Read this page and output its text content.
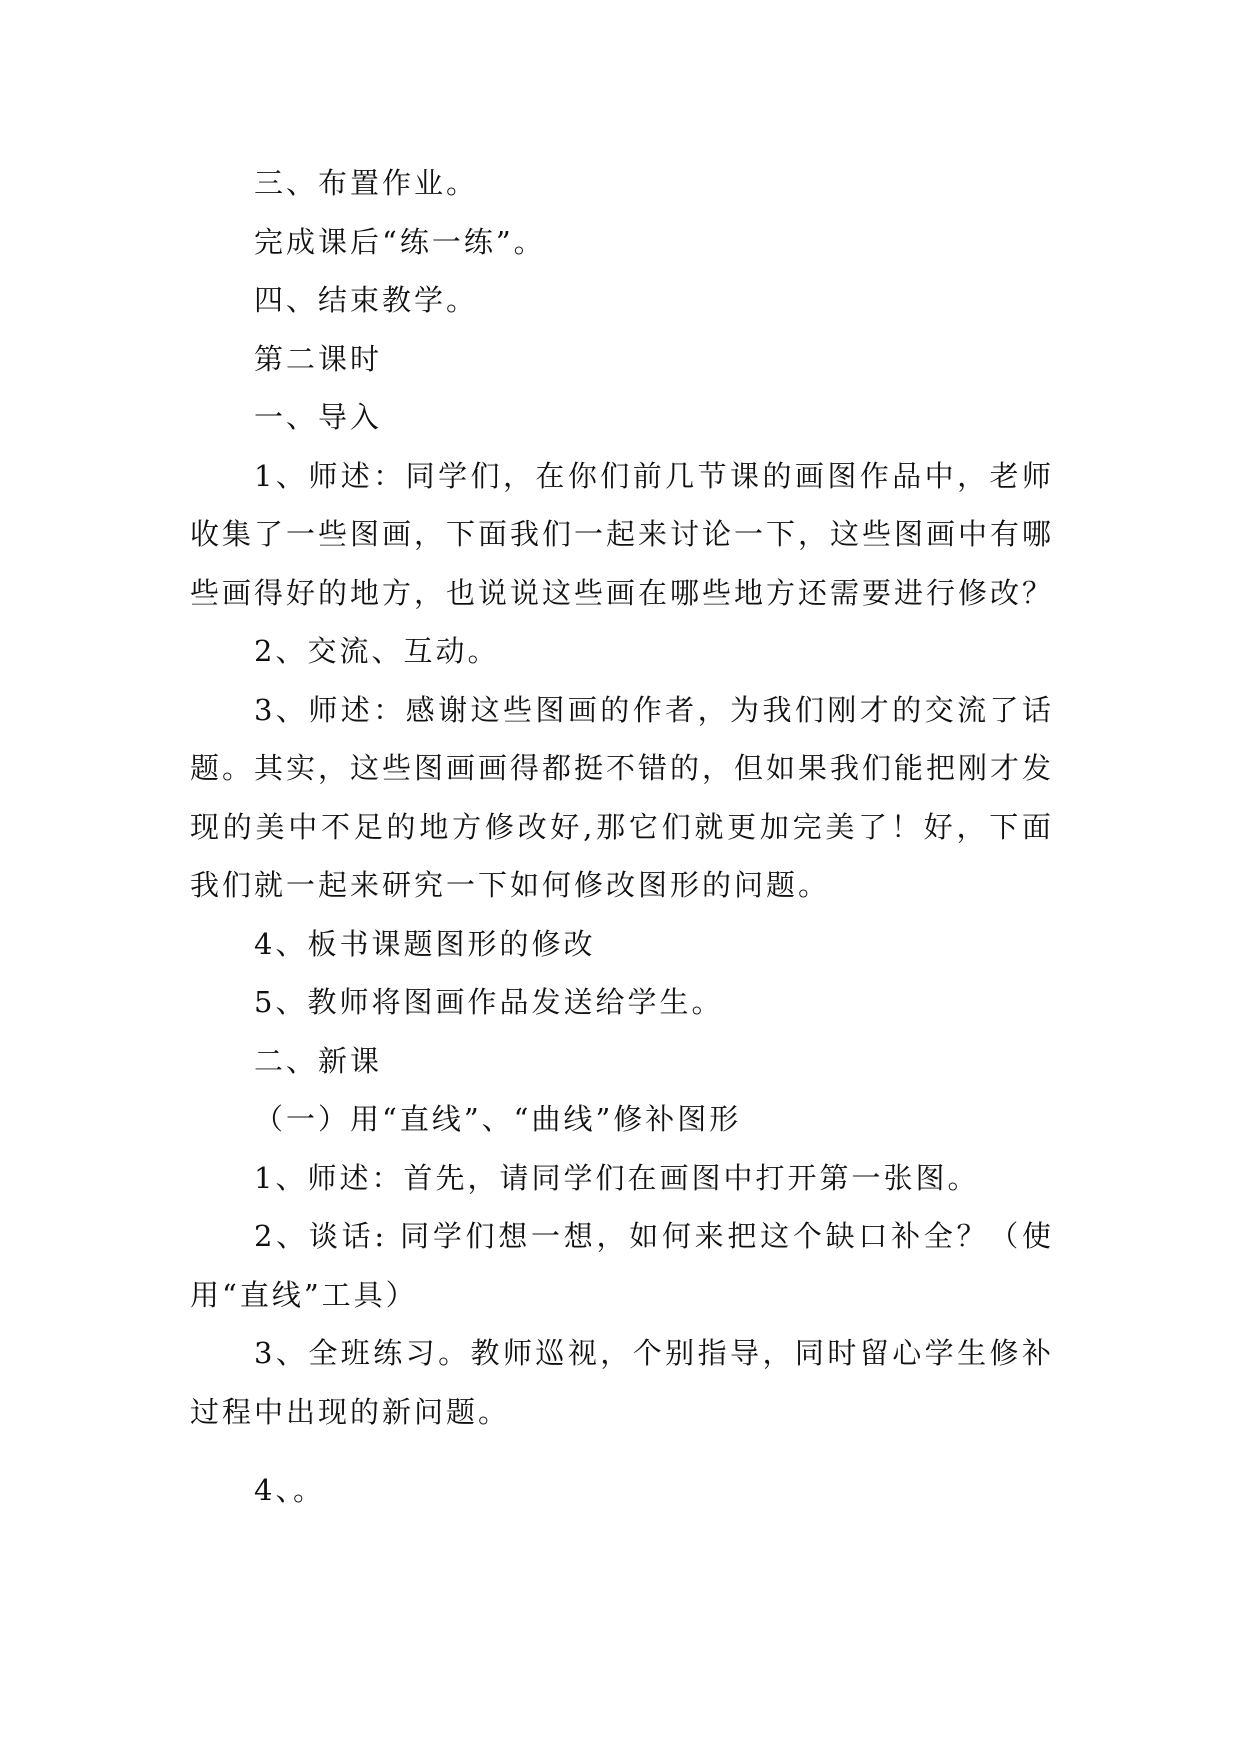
三、布置作业。

完成课后“练一练”。

四、结束教学。

第二课时

一、导入

1、师述：同学们，在你们前几节课的画图作品中，老师收集了一些图画，下面我们一起来讨论一下，这些图画中有哪些画得好的地方，也说说这些画在哪些地方还需要进行修改？

2、交流、互动。

3、师述：感谢这些图画的作者，为我们刚才的交流了话题。其实，这些图画画得都挺不错的，但如果我们能把刚才发现的美中不足的地方修改好,那它们就更加完美了！好，下面我们就一起来研究一下如何修改图形的问题。

4、板书课题图形的修改

5、教师将图画作品发送给学生。

二、新课

（一）用“直线”、“曲线”修补图形

1、师述：首先，请同学们在画图中打开第一张图。

2、谈话: 同学们想一想，如何来把这个缺口补全？（使用“直线”工具）

3、全班练习。教师巡视，个别指导，同时留心学生修补过程中出现的新问题。

4、。
